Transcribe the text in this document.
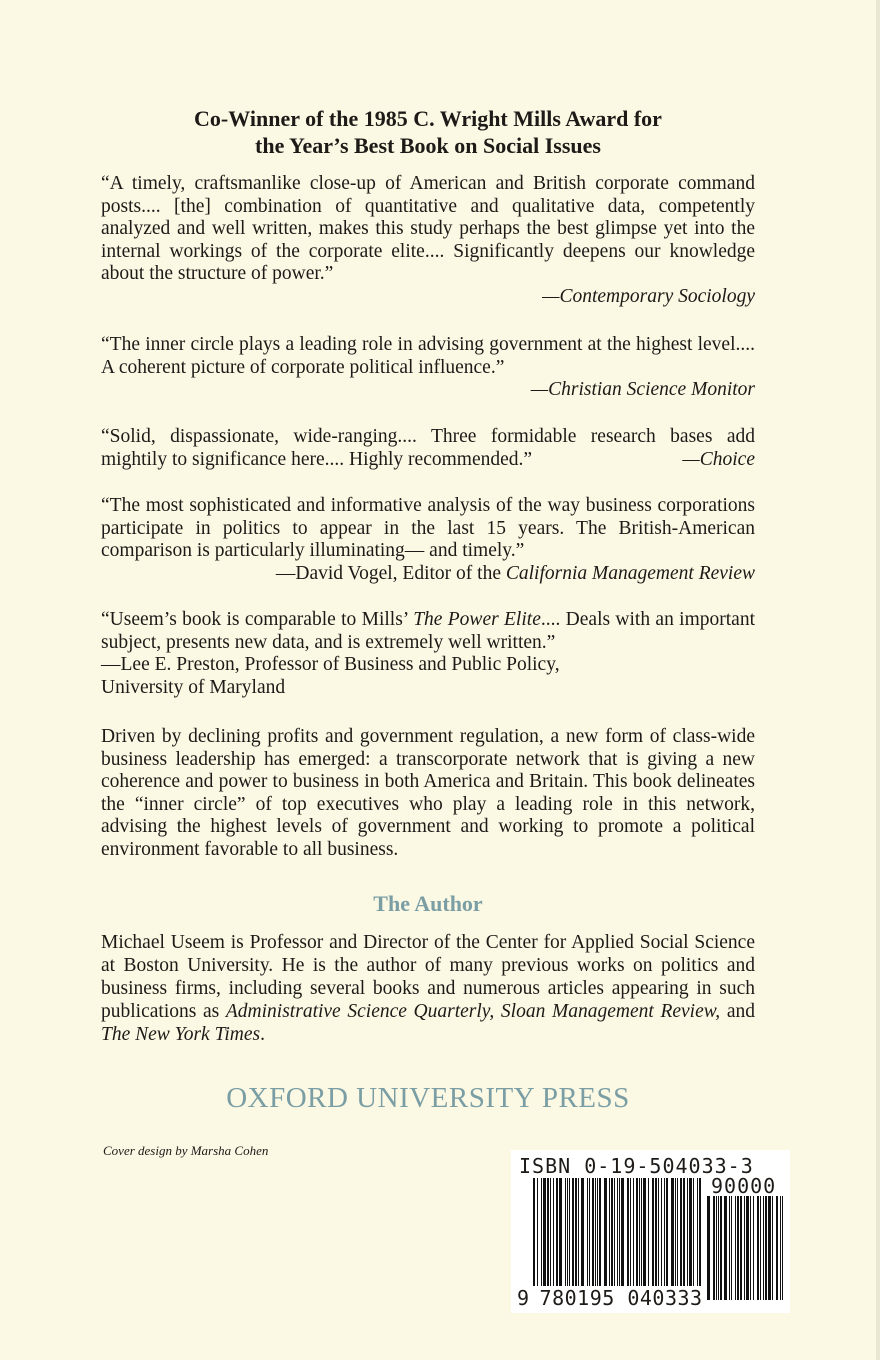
Co-Winner of the 1985 C. Wright Mills Award for
the Year’s Best Book on Social Issues

“A timely, craftsmanlike close-up of American and British corporate command posts.... [the] combination of quantitative and qualitative data, competently analyzed and well written, makes this study perhaps the best glimpse yet into the internal workings of the corporate elite.... Significantly deepens our knowledge about the structure of power.”

—Contemporary Sociology

“The inner circle plays a leading role in advising government at the highest level.... A coherent picture of corporate political influence.”

—Christian Science Monitor

“Solid, dispassionate, wide-ranging.... Three formidable research bases add mightily to significance here.... Highly recommended.”	—Choice

“The most sophisticated and informative analysis of the way business corporations participate in politics to appear in the last 15 years. The British-American comparison is particularly illuminating— and timely.”

—David Vogel, Editor of the California Management Review

“Useem’s book is comparable to Mills’ The Power Elite.... Deals with an important subject, presents new data, and is extremely well written.”

—Lee E. Preston, Professor of Business and Public Policy,
University of Maryland

Driven by declining profits and government regulation, a new form of class-wide business leadership has emerged: a transcorporate network that is giving a new coherence and power to business in both America and Britain. This book delineates the “inner circle” of top executives who play a leading role in this network, advising the highest levels of government and working to promote a political environment favorable to all business.
The Author
Michael Useem is Professor and Director of the Center for Applied Social Science at Boston University. He is the author of many previous works on politics and business firms, including several books and numerous articles appearing in such publications as Administrative Science Quarterly, Sloan Management Review, and The New York Times.
OXFORD UNIVERSITY PRESS
Cover design by Marsha Cohen
ISBN 0-19-504033-3
90000
9 780195 040333
